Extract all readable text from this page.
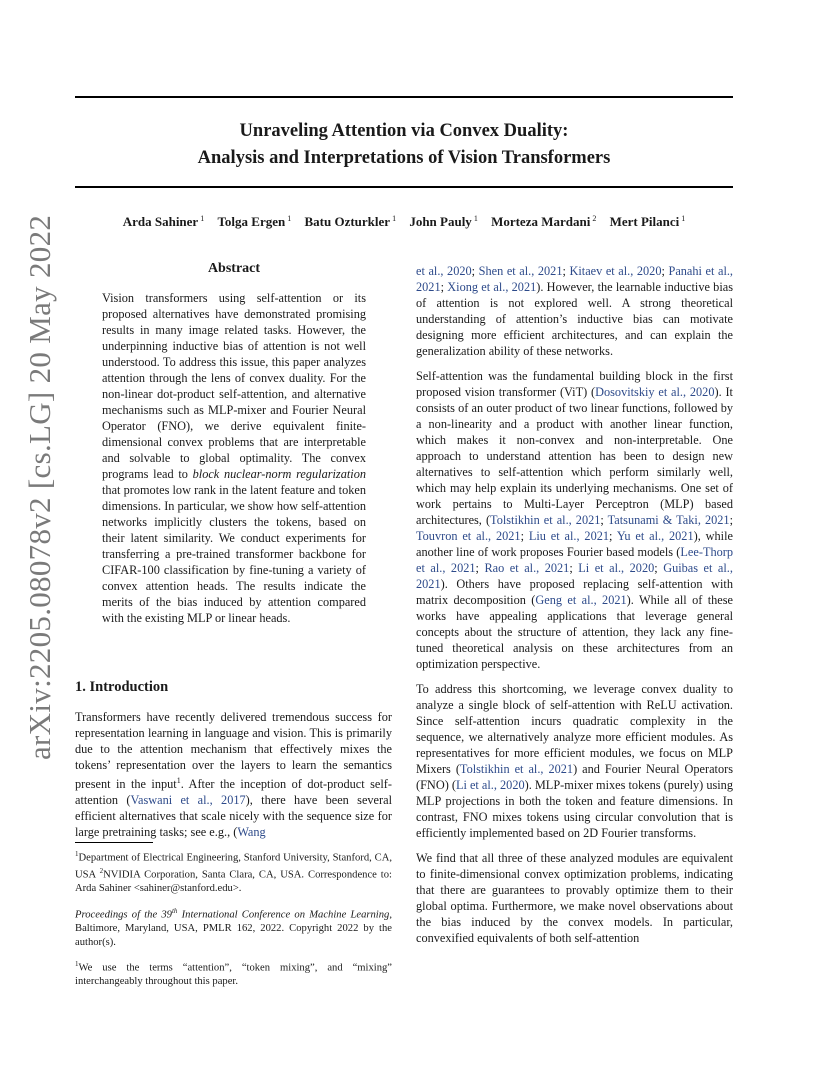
Unraveling Attention via Convex Duality:
Analysis and Interpretations of Vision Transformers
Arda Sahiner $^1$ Tolga Ergen $^1$ Batu Ozturkler $^1$ John Pauly $^1$ Morteza Mardani $^2$ Mert Pilanci $^1$
arXiv:2205.08078v2 [cs.LG] 20 May 2022	Abstract

Vision transformers using self-attention or its proposed alternatives have demonstrated promising results in many image related tasks. However, the underpinning inductive bias of attention is not well understood. To address this issue, this paper analyzes attention through the lens of convex duality. For the non-linear dot-product self-attention, and alternative mechanisms such as MLP-mixer and Fourier Neural Operator (FNO), we derive equivalent finite-dimensional convex problems that are interpretable and solvable to global optimality. The convex programs lead to block nuclear-norm regularization that promotes low rank in the latent feature and token dimensions. In particular, we show how self-attention networks implicitly clusters the tokens, based on their latent similarity. We conduct experiments for transferring a pre-trained transformer backbone for CIFAR-100 classification by fine-tuning a variety of convex attention heads. The results indicate the merits of the bias induced by attention compared with the existing MLP or linear heads.

1. Introduction

Transformers have recently delivered tremendous success for representation learning in language and vision. This is primarily due to the attention mechanism that effectively mixes the tokens’ representation over the layers to learn the semantics present in the input$^1$. After the inception of dot-product self-attention (Vaswani et al., 2017), there have been several efficient alternatives that scale nicely with the sequence size for large pretraining tasks; see e.g., (Wang

$^1$Department of Electrical Engineering, Stanford University, Stanford, CA, USA $^2$NVIDIA Corporation, Santa Clara, CA, USA. Correspondence to: Arda Sahiner <sahiner@stanford.edu>.

Proceedings of the 39th International Conference on Machine Learning, Baltimore, Maryland, USA, PMLR 162, 2022. Copyright 2022 by the author(s).

$^1$We use the terms “attention”, “token mixing”, and “mixing” interchangeably throughout this paper.

et al., 2020; Shen et al., 2021; Kitaev et al., 2020; Panahi et al., 2021; Xiong et al., 2021). However, the learnable inductive bias of attention is not explored well. A strong theoretical understanding of attention’s inductive bias can motivate designing more efficient architectures, and can explain the generalization ability of these networks.

Self-attention was the fundamental building block in the first proposed vision transformer (ViT) (Dosovitskiy et al., 2020). It consists of an outer product of two linear functions, followed by a non-linearity and a product with another linear function, which makes it non-convex and non-interpretable. One approach to understand attention has been to design new alternatives to self-attention which perform similarly well, which may help explain its underlying mechanisms. One set of work pertains to Multi-Layer Perceptron (MLP) based architectures, (Tolstikhin et al., 2021; Tatsunami & Taki, 2021; Touvron et al., 2021; Liu et al., 2021; Yu et al., 2021), while another line of work proposes Fourier based models (Lee-Thorp et al., 2021; Rao et al., 2021; Li et al., 2020; Guibas et al., 2021). Others have proposed replacing self-attention with matrix decomposition (Geng et al., 2021). While all of these works have appealing applications that leverage general concepts about the structure of attention, they lack any fine-tuned theoretical analysis on these architectures from an optimization perspective.

To address this shortcoming, we leverage convex duality to analyze a single block of self-attention with ReLU activation. Since self-attention incurs quadratic complexity in the sequence, we alternatively analyze more efficient modules. As representatives for more efficient modules, we focus on MLP Mixers (Tolstikhin et al., 2021) and Fourier Neural Operators (FNO) (Li et al., 2020). MLP-mixer mixes tokens (purely) using MLP projections in both the token and feature dimensions. In contrast, FNO mixes tokens using circular convolution that is efficiently implemented based on 2D Fourier transforms.

We find that all three of these analyzed modules are equivalent to finite-dimensional convex optimization problems, indicating that there are guarantees to provably optimize them to their global optima. Furthermore, we make novel observations about the bias induced by the convex models. In particular, convexified equivalents of both self-attention
